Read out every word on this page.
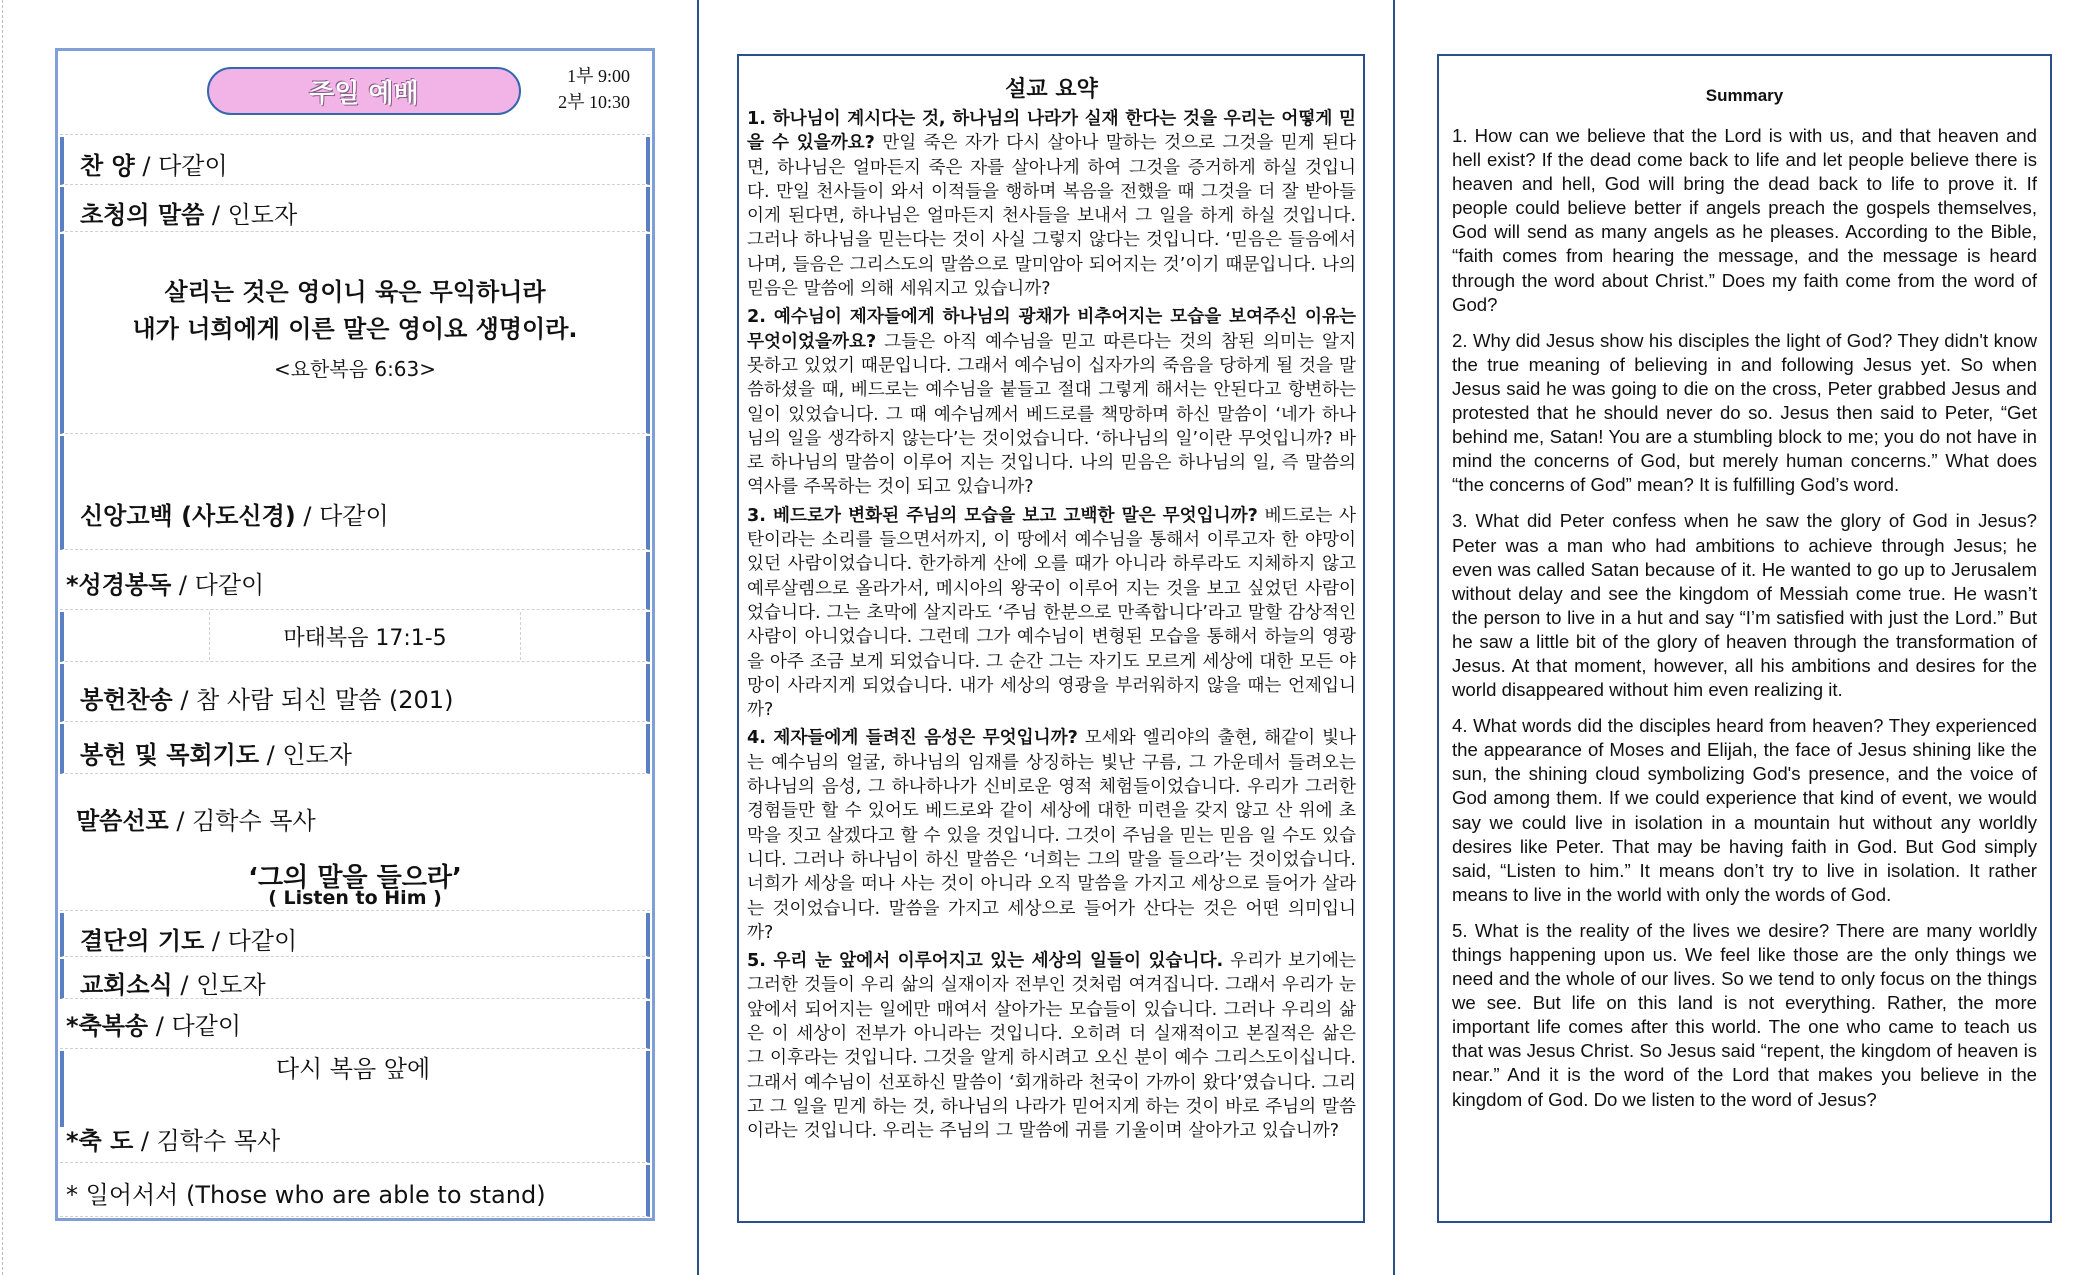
주일 예배
1부 9:00
2부 10:30
찬 양 / 다같이
초청의 말씀 / 인도자
살리는 것은 영이니 육은 무익하니라
내가 너희에게 이른 말은 영이요 생명이라.
<요한복음 6:63>
신앙고백 (사도신경) / 다같이
*성경봉독 / 다같이
마태복음 17:1-5
봉헌찬송 / 참 사람 되신 말씀 (201)
봉헌 및 목회기도 / 인도자
말씀선포 / 김학수 목사
‘그의 말을 들으라’
( Listen to Him )
결단의 기도 / 다같이
교회소식 / 인도자
*축복송 / 다같이
다시 복음 앞에
*축 도 / 김학수 목사
* 일어서서 (Those who are able to stand)
설교 요약

1. 하나님이 계시다는 것, 하나님의 나라가 실재 한다는 것을 우리는 어떻게 믿을 수 있을까요? 만일 죽은 자가 다시 살아나 말하는 것으로 그것을 믿게 된다면, 하나님은 얼마든지 죽은 자를 살아나게 하여 그것을 증거하게 하실 것입니다. 만일 천사들이 와서 이적들을 행하며 복음을 전했을 때 그것을 더 잘 받아들이게 된다면, 하나님은 얼마든지 천사들을 보내서 그 일을 하게 하실 것입니다. 그러나 하나님을 믿는다는 것이 사실 그렇지 않다는 것입니다. ‘믿음은 들음에서 나며, 들음은 그리스도의 말씀으로 말미암아 되어지는 것’이기 때문입니다. 나의 믿음은 말씀에 의해 세워지고 있습니까?

2. 예수님이 제자들에게 하나님의 광채가 비추어지는 모습을 보여주신 이유는 무엇이었을까요? 그들은 아직 예수님을 믿고 따른다는 것의 참된 의미는 알지 못하고 있었기 때문입니다. 그래서 예수님이 십자가의 죽음을 당하게 될 것을 말씀하셨을 때, 베드로는 예수님을 붙들고 절대 그렇게 해서는 안된다고 항변하는 일이 있었습니다. 그 때 예수님께서 베드로를 책망하며 하신 말씀이 ‘네가 하나님의 일을 생각하지 않는다’는 것이었습니다. ‘하나님의 일’이란 무엇입니까? 바로 하나님의 말씀이 이루어 지는 것입니다. 나의 믿음은 하나님의 일, 즉 말씀의 역사를 주목하는 것이 되고 있습니까?

3. 베드로가 변화된 주님의 모습을 보고 고백한 말은 무엇입니까? 베드로는 사탄이라는 소리를 들으면서까지, 이 땅에서 예수님을 통해서 이루고자 한 야망이 있던 사람이었습니다. 한가하게 산에 오를 때가 아니라 하루라도 지체하지 않고 예루살렘으로 올라가서, 메시아의 왕국이 이루어 지는 것을 보고 싶었던 사람이었습니다. 그는 초막에 살지라도 ‘주님 한분으로 만족합니다’라고 말할 감상적인 사람이 아니었습니다. 그런데 그가 예수님이 변형된 모습을 통해서 하늘의 영광을 아주 조금 보게 되었습니다. 그 순간 그는 자기도 모르게 세상에 대한 모든 야망이 사라지게 되었습니다. 내가 세상의 영광을 부러워하지 않을 때는 언제입니까?

4. 제자들에게 들려진 음성은 무엇입니까? 모세와 엘리야의 출현, 해같이 빛나는 예수님의 얼굴, 하나님의 임재를 상징하는 빛난 구름, 그 가운데서 들려오는 하나님의 음성, 그 하나하나가 신비로운 영적 체험들이었습니다. 우리가 그러한 경험들만 할 수 있어도 베드로와 같이 세상에 대한 미련을 갖지 않고 산 위에 초막을 짓고 살겠다고 할 수 있을 것입니다. 그것이 주님을 믿는 믿음 일 수도 있습니다. 그러나 하나님이 하신 말씀은 ‘너희는 그의 말을 들으라’는 것이었습니다. 너희가 세상을 떠나 사는 것이 아니라 오직 말씀을 가지고 세상으로 들어가 살라는 것이었습니다. 말씀을 가지고 세상으로 들어가 산다는 것은 어떤 의미입니까?

5. 우리 눈 앞에서 이루어지고 있는 세상의 일들이 있습니다. 우리가 보기에는 그러한 것들이 우리 삶의 실재이자 전부인 것처럼 여겨집니다. 그래서 우리가 눈 앞에서 되어지는 일에만 매여서 살아가는 모습들이 있습니다. 그러나 우리의 삶은 이 세상이 전부가 아니라는 것입니다. 오히려 더 실재적이고 본질적은 삶은 그 이후라는 것입니다. 그것을 알게 하시려고 오신 분이 예수 그리스도이십니다. 그래서 예수님이 선포하신 말씀이 ‘회개하라 천국이 가까이 왔다’였습니다. 그리고 그 일을 믿게 하는 것, 하나님의 나라가 믿어지게 하는 것이 바로 주님의 말씀이라는 것입니다. 우리는 주님의 그 말씀에 귀를 기울이며 살아가고 있습니까?

Summary

1. How can we believe that the Lord is with us, and that heaven and hell exist? If the dead come back to life and let people believe there is heaven and hell, God will bring the dead back to life to prove it. If people could believe better if angels preach the gospels themselves, God will send as many angels as he pleases. According to the Bible, “faith comes from hearing the message, and the message is heard through the word about Christ.” Does my faith come from the word of God?

2. Why did Jesus show his disciples the light of God? They didn't know the true meaning of believing in and following Jesus yet. So when Jesus said he was going to die on the cross, Peter grabbed Jesus and protested that he should never do so. Jesus then said to Peter, “Get behind me, Satan! You are a stumbling block to me; you do not have in mind the concerns of God, but merely human concerns.” What does “the concerns of God” mean? It is fulfilling God’s word.

3. What did Peter confess when he saw the glory of God in Jesus? Peter was a man who had ambitions to achieve through Jesus; he even was called Satan because of it. He wanted to go up to Jerusalem without delay and see the kingdom of Messiah come true. He wasn’t the person to live in a hut and say “I’m satisfied with just the Lord.” But he saw a little bit of the glory of heaven through the transformation of Jesus. At that moment, however, all his ambitions and desires for the world disappeared without him even realizing it.

4. What words did the disciples heard from heaven? They experienced the appearance of Moses and Elijah, the face of Jesus shining like the sun, the shining cloud symbolizing God's presence, and the voice of God among them. If we could experience that kind of event, we would say we could live in isolation in a mountain hut without any worldly desires like Peter. That may be having faith in God. But God simply said, “Listen to him.” It means don’t try to live in isolation. It rather means to live in the world with only the words of God.

5. What is the reality of the lives we desire? There are many worldly things happening upon us. We feel like those are the only things we need and the whole of our lives. So we tend to only focus on the things we see. But life on this land is not everything. Rather, the more important life comes after this world. The one who came to teach us that was Jesus Christ. So Jesus said “repent, the kingdom of heaven is near.” And it is the word of the Lord that makes you believe in the kingdom of God. Do we listen to the word of Jesus?
